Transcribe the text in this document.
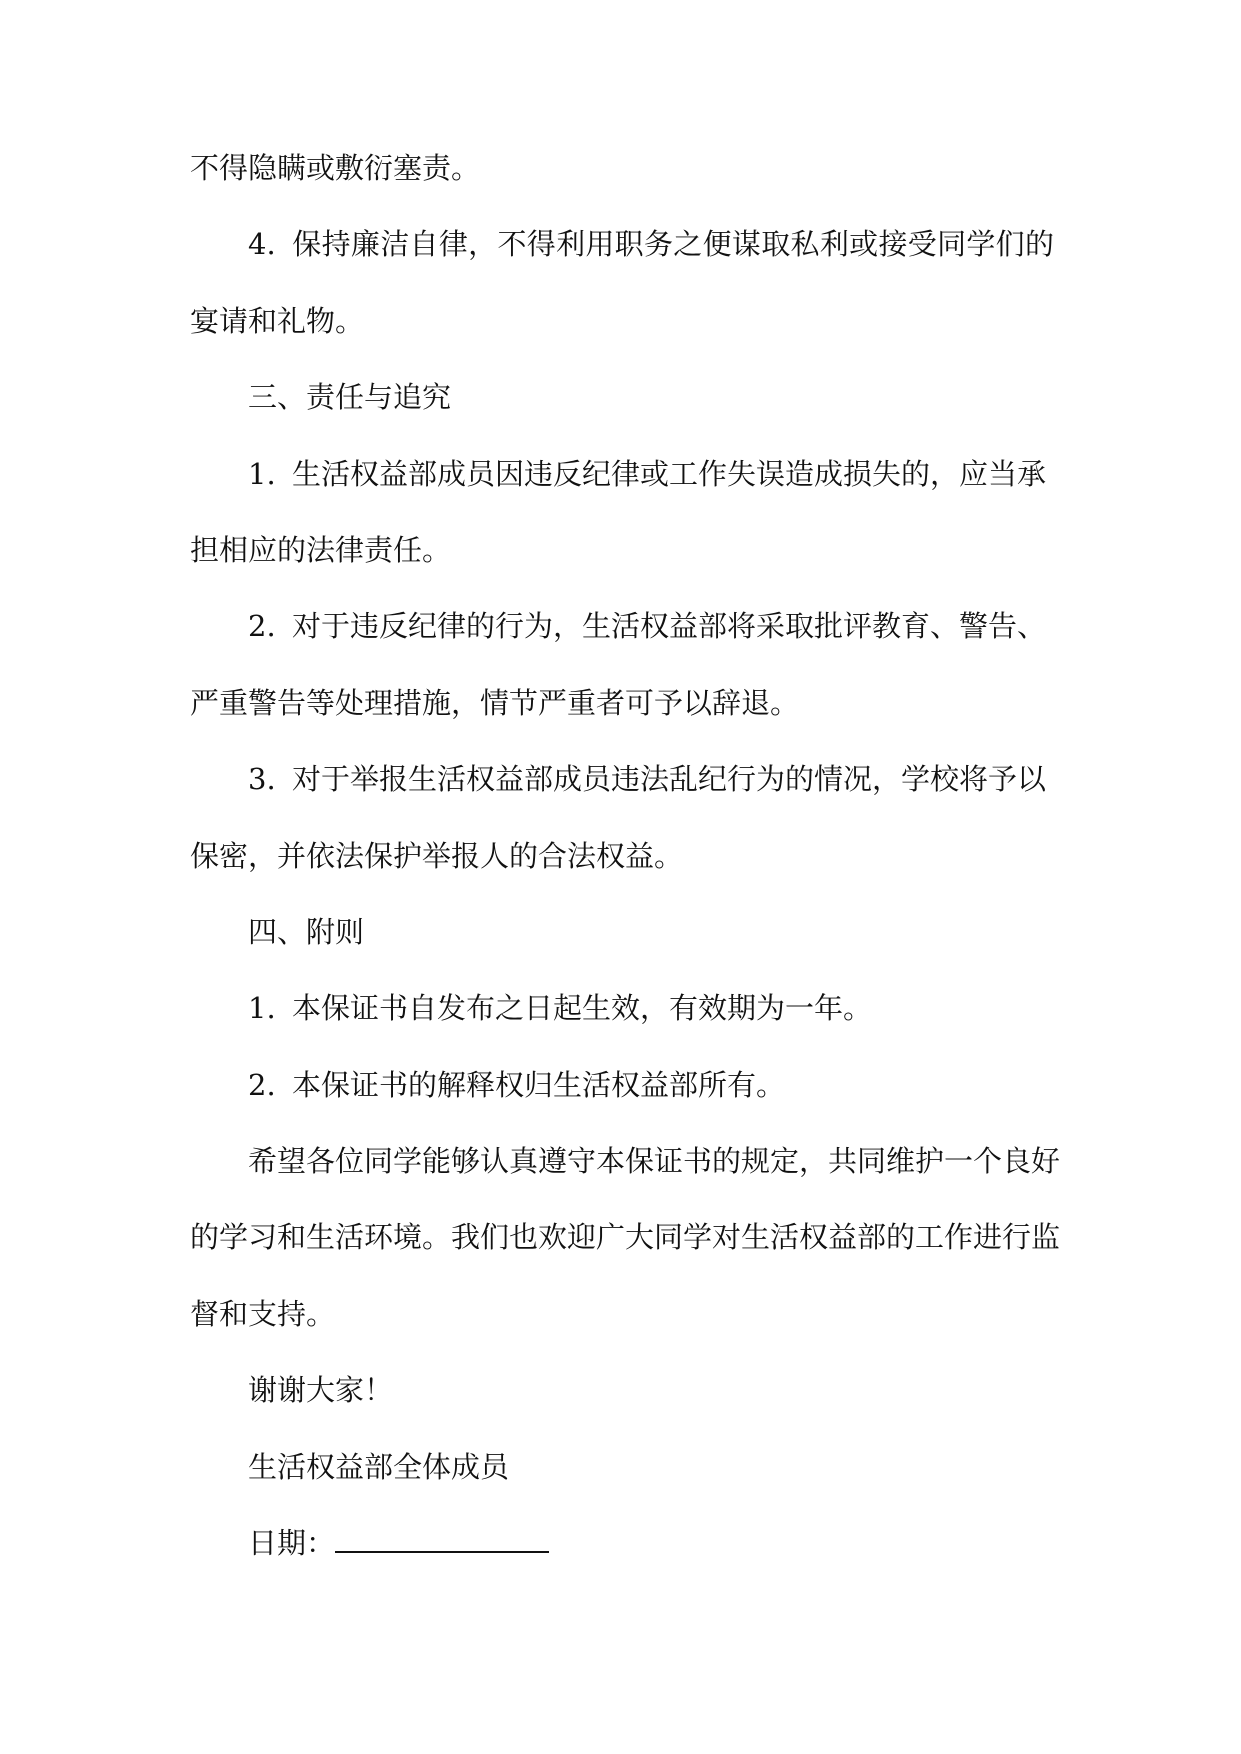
不得隐瞒或敷衍塞责。

4. 保持廉洁自律，不得利用职务之便谋取私利或接受同学们的

宴请和礼物。

三、责任与追究

1. 生活权益部成员因违反纪律或工作失误造成损失的，应当承

担相应的法律责任。

2. 对于违反纪律的行为，生活权益部将采取批评教育、警告、

严重警告等处理措施，情节严重者可予以辞退。

3. 对于举报生活权益部成员违法乱纪行为的情况，学校将予以

保密，并依法保护举报人的合法权益。

四、附则

1. 本保证书自发布之日起生效，有效期为一年。

2. 本保证书的解释权归生活权益部所有。

希望各位同学能够认真遵守本保证书的规定，共同维护一个良好

的学习和生活环境。我们也欢迎广大同学对生活权益部的工作进行监

督和支持。

谢谢大家！

生活权益部全体成员

日期：
